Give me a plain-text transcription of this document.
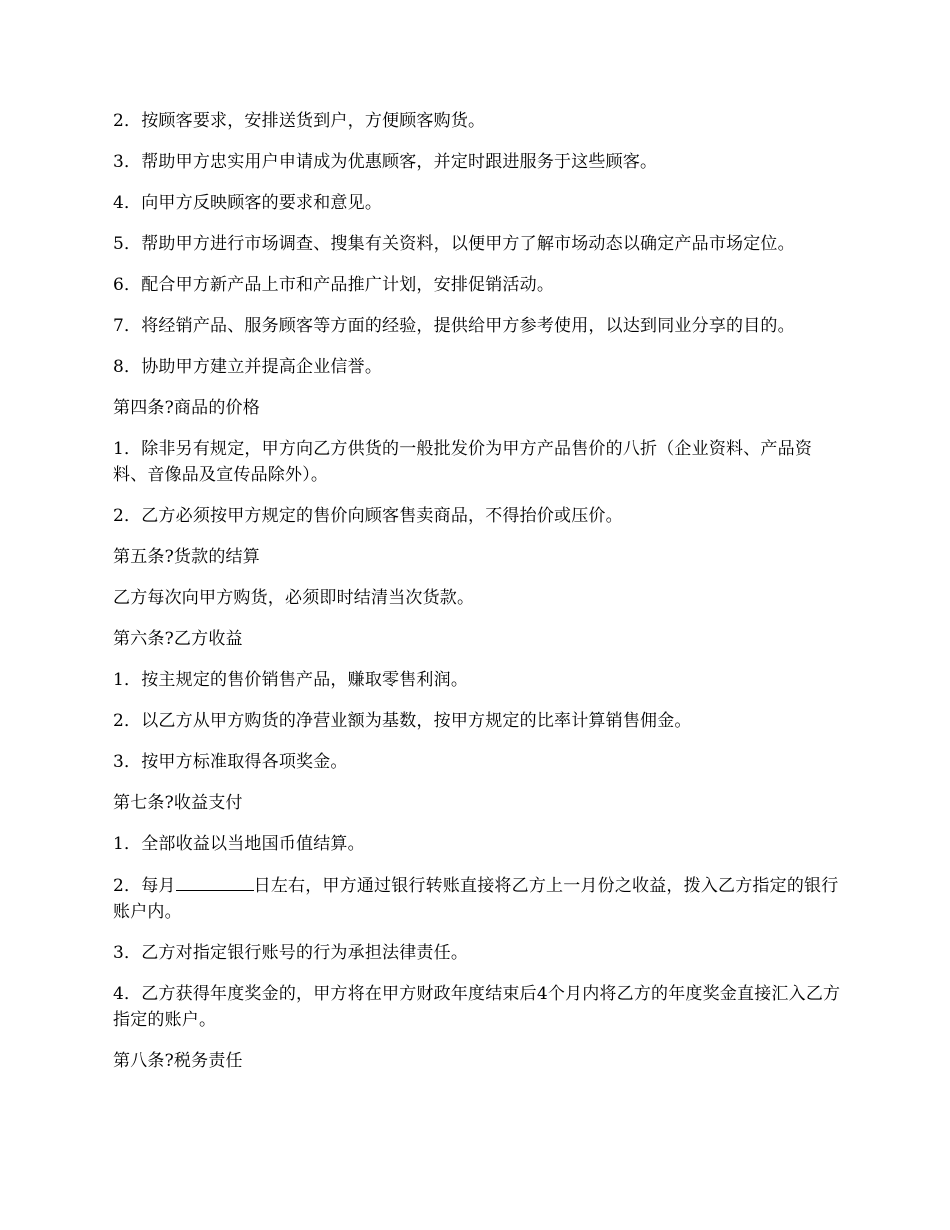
2．按顾客要求，安排送货到户，方便顾客购货。

3．帮助甲方忠实用户申请成为优惠顾客，并定时跟进服务于这些顾客。

4．向甲方反映顾客的要求和意见。

5．帮助甲方进行市场调查、搜集有关资料，以便甲方了解市场动态以确定产品市场定位。

6．配合甲方新产品上市和产品推广计划，安排促销活动。

7．将经销产品、服务顾客等方面的经验，提供给甲方参考使用，以达到同业分享的目的。

8．协助甲方建立并提高企业信誉。

第四条?商品的价格

1．除非另有规定，甲方向乙方供货的一般批发价为甲方产品售价的八折（企业资料、产品资料、音像品及宣传品除外）。

2．乙方必须按甲方规定的售价向顾客售卖商品，不得抬价或压价。

第五条?货款的结算

乙方每次向甲方购货，必须即时结清当次货款。

第六条?乙方收益

1．按主规定的售价销售产品，赚取零售利润。

2．以乙方从甲方购货的净营业额为基数，按甲方规定的比率计算销售佣金。

3．按甲方标准取得各项奖金。

第七条?收益支付

1．全部收益以当地国币值结算。

2．每月	日左右，甲方通过银行转账直接将乙方上一月份之收益，拨入乙方指定的银行账户内。

3．乙方对指定银行账号的行为承担法律责任。

4．乙方获得年度奖金的，甲方将在甲方财政年度结束后4个月内将乙方的年度奖金直接汇入乙方指定的账户。

第八条?税务责任
